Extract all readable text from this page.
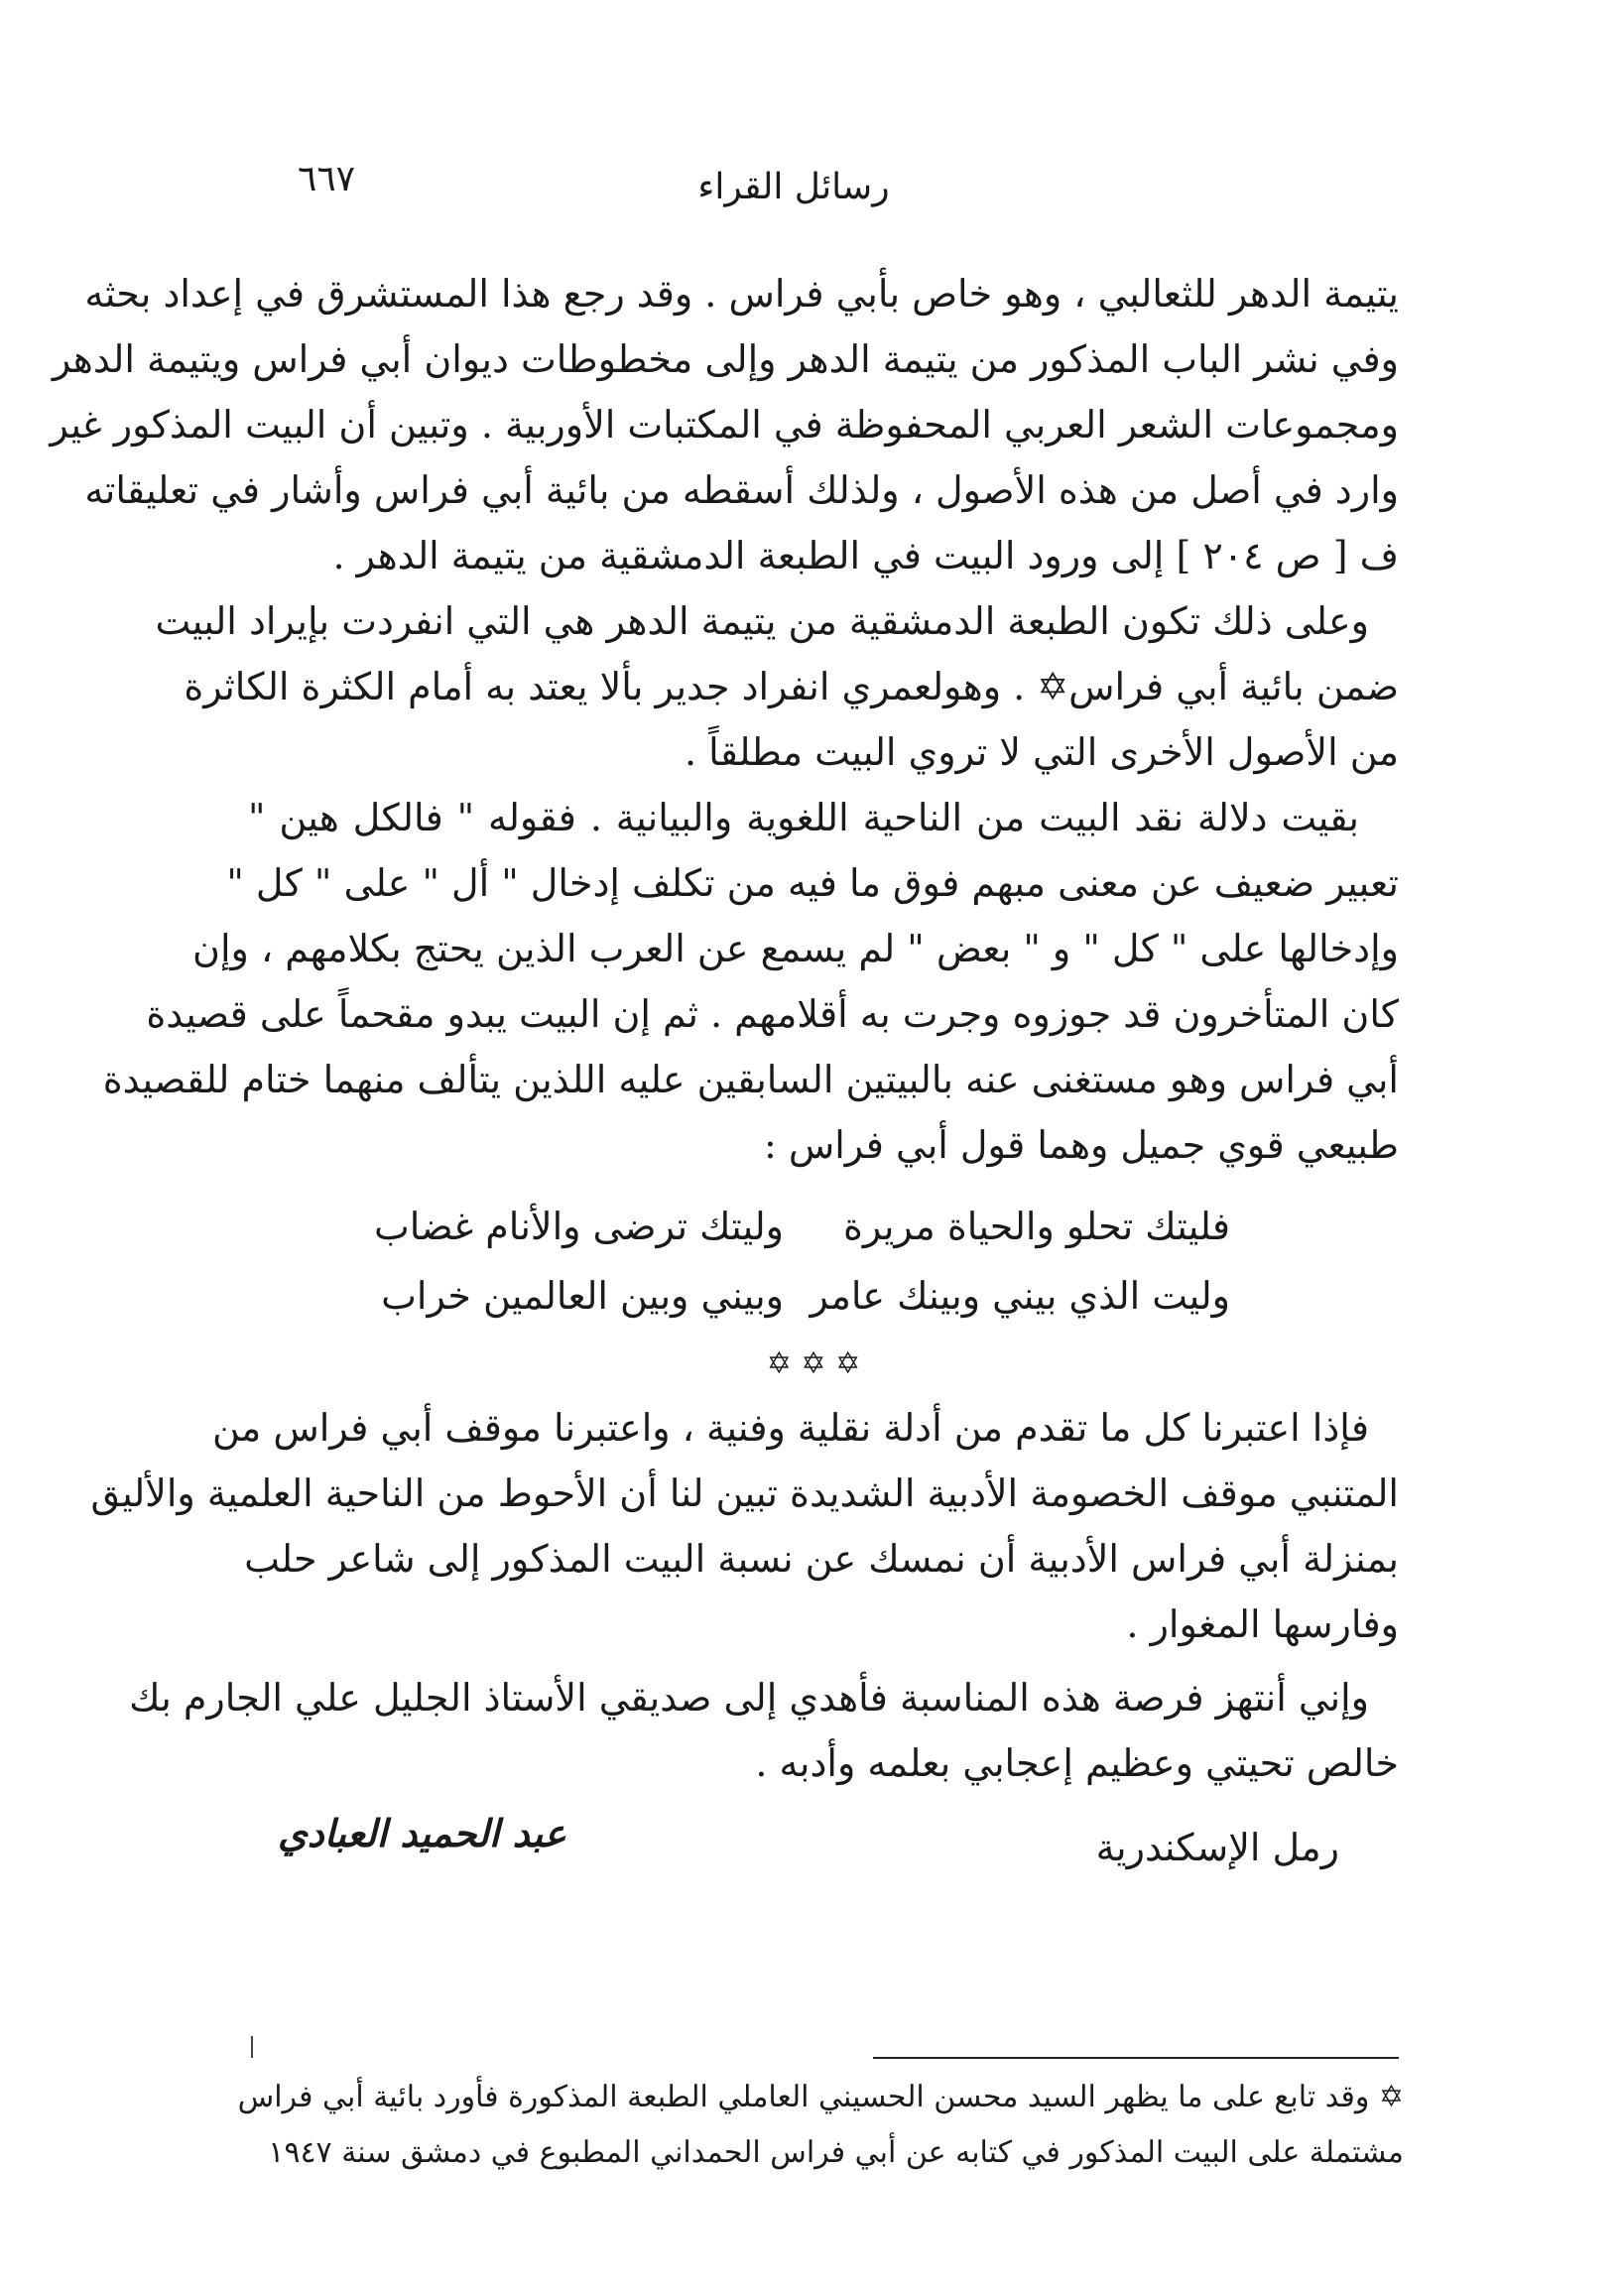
رسائل القراء
٦٦٧
يتيمة الدهر للثعالبي ، وهو خاص بأبي فراس . وقد رجع هذا المستشرق في إعداد بحثه
وفي نشر الباب المذكور من يتيمة الدهر وإلى مخطوطات ديوان أبي فراس ويتيمة الدهر
ومجموعات الشعر العربي المحفوظة في المكتبات الأوربية . وتبين أن البيت المذكور غير
وارد في أصل من هذه الأصول ، ولذلك أسقطه من بائية أبي فراس وأشار في تعليقاته
ف [ ص ٢٠٤ ] إلى ورود البيت في الطبعة الدمشقية من يتيمة الدهر .
وعلى ذلك تكون الطبعة الدمشقية من يتيمة الدهر هي التي انفردت بإيراد البيت
ضمن بائية أبي فراس✡ . وهولعمري انفراد جدير بألا يعتد به أمام الكثرة الكاثرة
من الأصول الأخرى التي لا تروي البيت مطلقاً .
بقيت دلالة نقد البيت من الناحية اللغوية والبيانية . فقوله " فالكل هين "
تعبير ضعيف عن معنى مبهم فوق ما فيه من تكلف إدخال " أل " على " كل "
وإدخالها على " كل " و " بعض " لم يسمع عن العرب الذين يحتج بكلامهم ، وإن
كان المتأخرون قد جوزوه وجرت به أقلامهم . ثم إن البيت يبدو مقحماً على قصيدة
أبي فراس وهو مستغنى عنه بالبيتين السابقين عليه اللذين يتألف منهما ختام للقصيدة
طبيعي قوي جميل وهما قول أبي فراس :
فليتك تحلو والحياة مريرة
وليتك ترضى والأنام غضاب
وليت الذي بيني وبينك عامر
وبيني وبين العالمين خراب
✡ ✡ ✡
فإذا اعتبرنا كل ما تقدم من أدلة نقلية وفنية ، واعتبرنا موقف أبي فراس من
المتنبي موقف الخصومة الأدبية الشديدة تبين لنا أن الأحوط من الناحية العلمية والأليق
بمنزلة أبي فراس الأدبية أن نمسك عن نسبة البيت المذكور إلى شاعر حلب
وفارسها المغوار .
وإني أنتهز فرصة هذه المناسبة فأهدي إلى صديقي الأستاذ الجليل علي الجارم بك
خالص تحيتي وعظيم إعجابي بعلمه وأدبه .
رمل الإسكندرية
عبد الحميد العبادي
✡ وقد تابع على ما يظهر السيد محسن الحسيني العاملي الطبعة المذكورة فأورد بائية أبي فراس
مشتملة على البيت المذكور في كتابه عن أبي فراس الحمداني المطبوع في دمشق سنة ١٩٤٧
